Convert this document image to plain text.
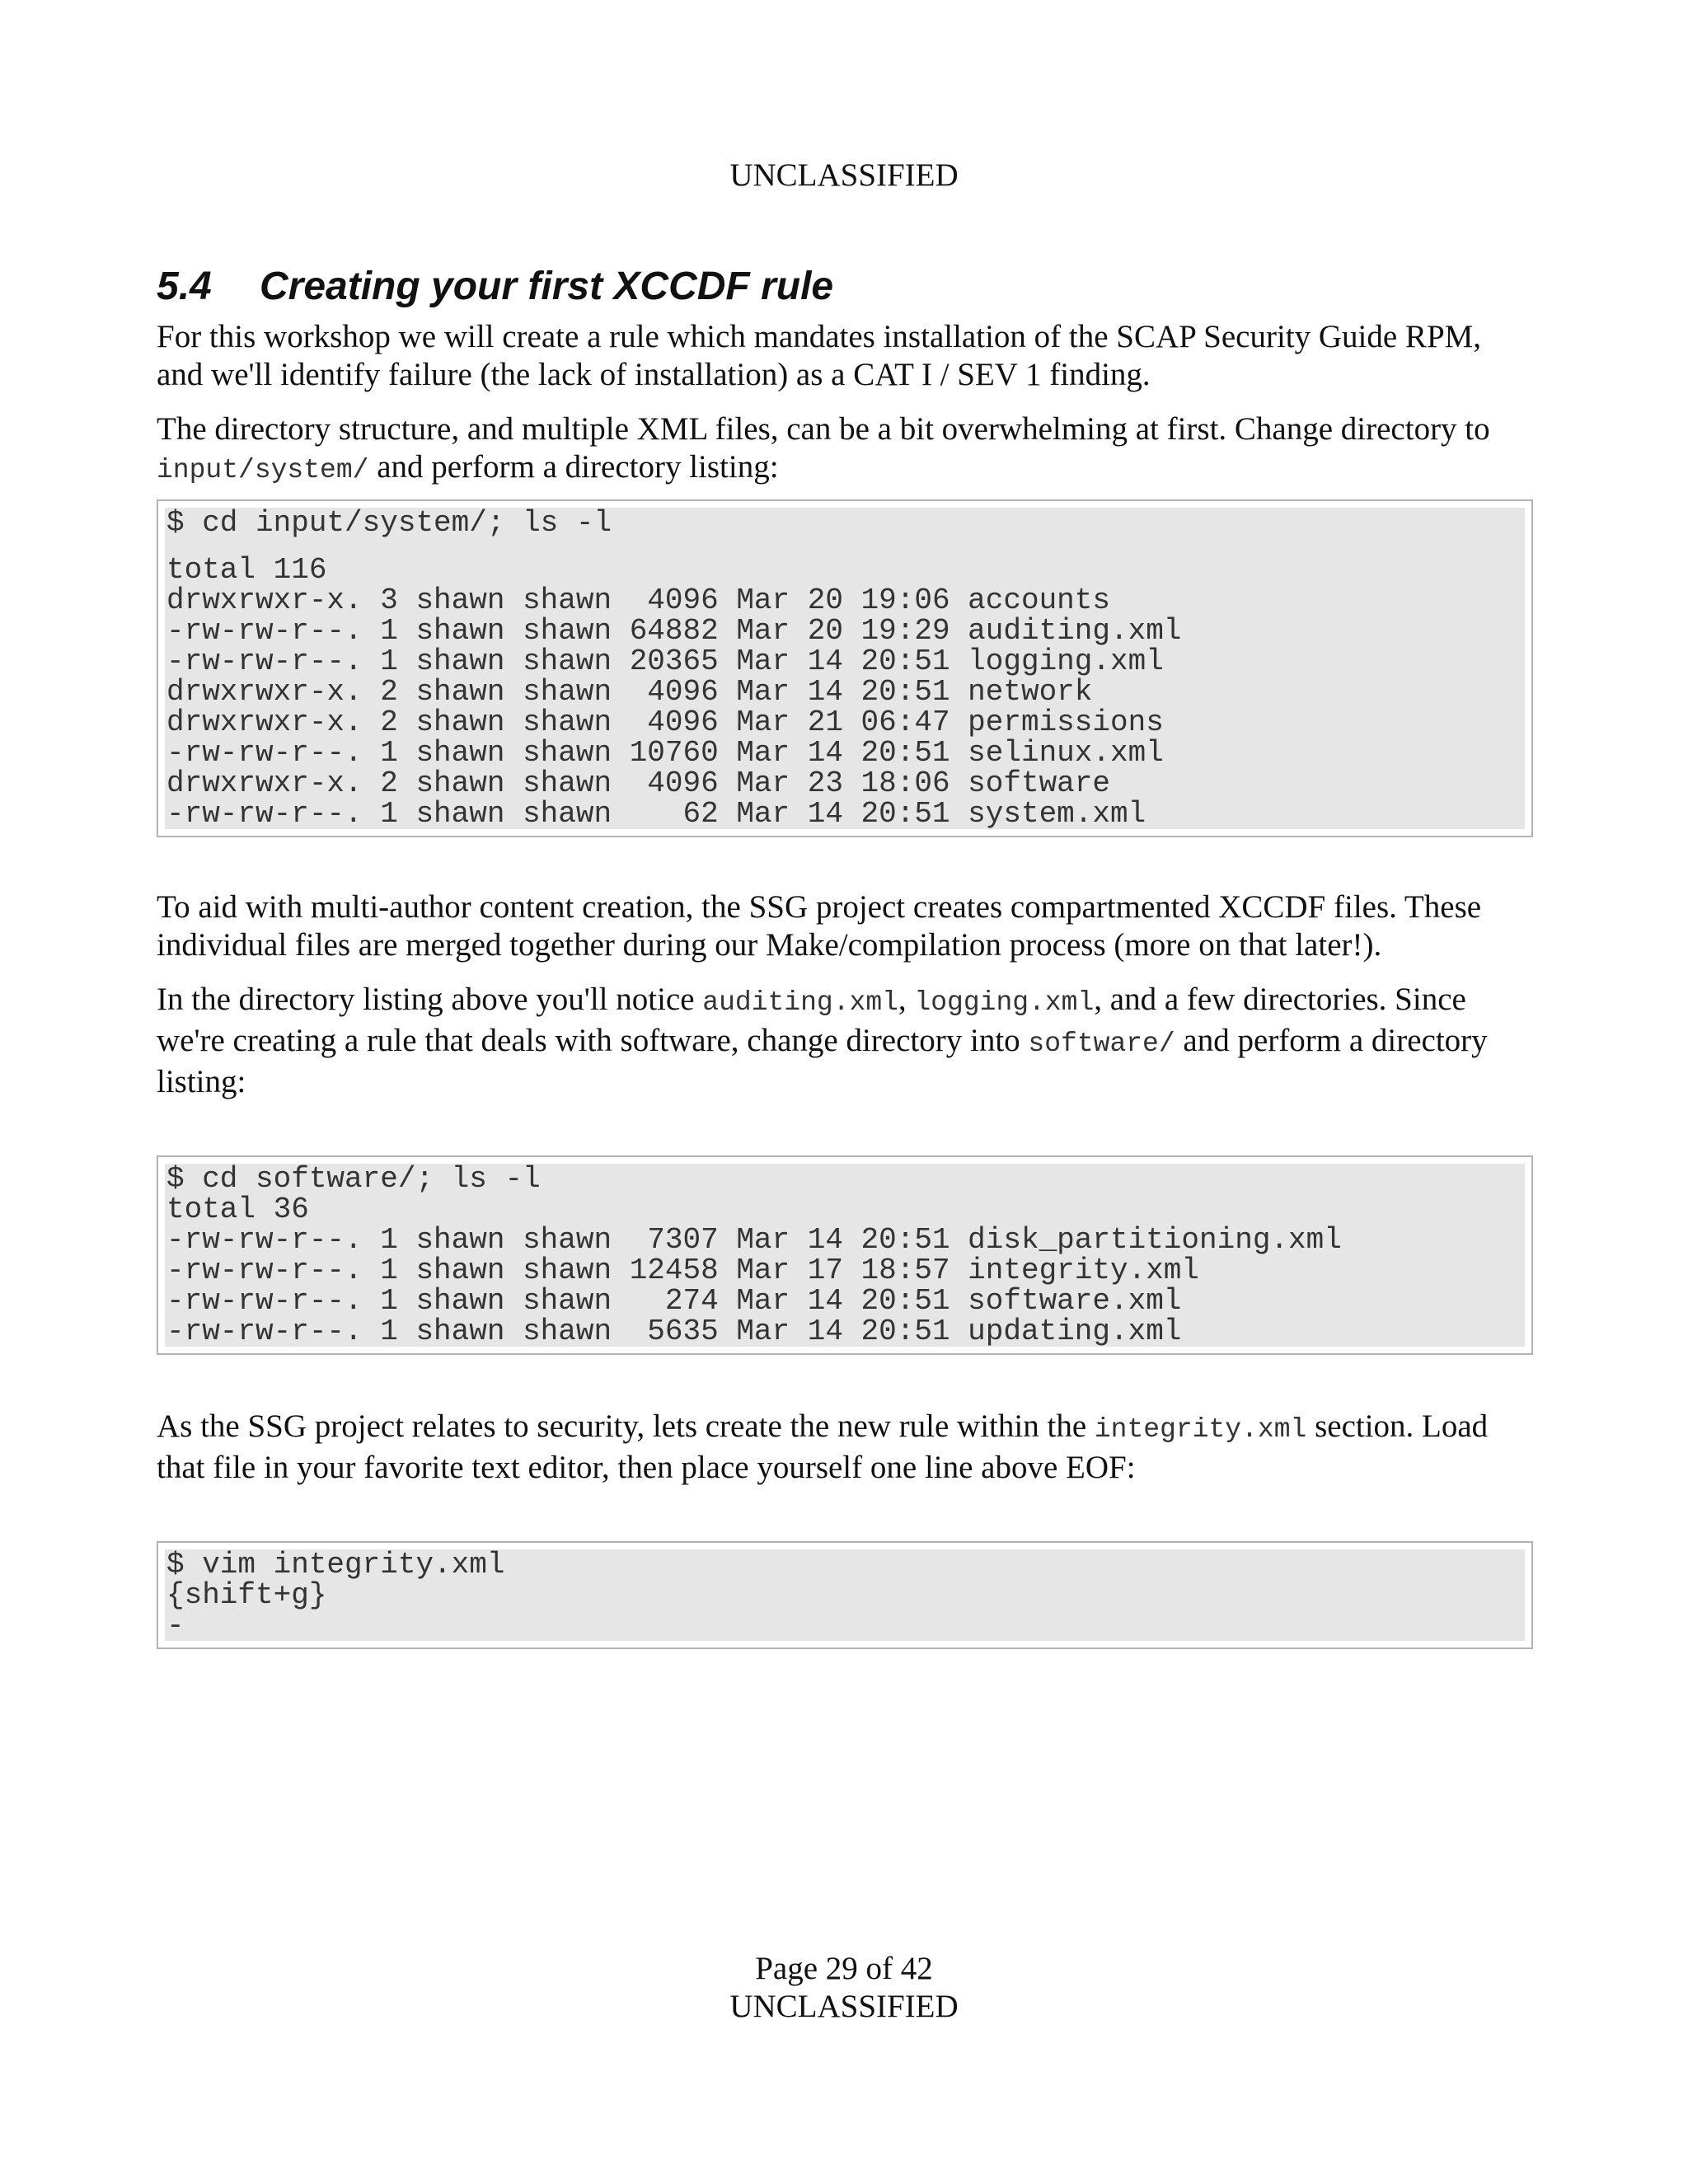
UNCLASSIFIED
5.4	Creating your first XCCDF rule

For this workshop we will create a rule which mandates installation of the SCAP Security Guide RPM, and we'll identify failure (the lack of installation) as a CAT I / SEV 1 finding.

The directory structure, and multiple XML files, can be a bit overwhelming at first. Change directory to input/system/ and perform a directory listing:

$ cd input/system/; ls -l
total 116
drwxrwxr-x. 3 shawn shawn  4096 Mar 20 19:06 accounts
-rw-rw-r--. 1 shawn shawn 64882 Mar 20 19:29 auditing.xml
-rw-rw-r--. 1 shawn shawn 20365 Mar 14 20:51 logging.xml
drwxrwxr-x. 2 shawn shawn  4096 Mar 14 20:51 network
drwxrwxr-x. 2 shawn shawn  4096 Mar 21 06:47 permissions
-rw-rw-r--. 1 shawn shawn 10760 Mar 14 20:51 selinux.xml
drwxrwxr-x. 2 shawn shawn  4096 Mar 23 18:06 software
-rw-rw-r--. 1 shawn shawn    62 Mar 14 20:51 system.xml

To aid with multi-author content creation, the SSG project creates compartmented XCCDF files. These individual files are merged together during our Make/compilation process (more on that later!).

In the directory listing above you'll notice auditing.xml, logging.xml, and a few directories. Since we're creating a rule that deals with software, change directory into software/ and perform a directory listing:

$ cd software/; ls -l
total 36
-rw-rw-r--. 1 shawn shawn  7307 Mar 14 20:51 disk_partitioning.xml
-rw-rw-r--. 1 shawn shawn 12458 Mar 17 18:57 integrity.xml
-rw-rw-r--. 1 shawn shawn   274 Mar 14 20:51 software.xml
-rw-rw-r--. 1 shawn shawn  5635 Mar 14 20:51 updating.xml

As the SSG project relates to security, lets create the new rule within the integrity.xml section. Load that file in your favorite text editor, then place yourself one line above EOF:

$ vim integrity.xml
{shift+g}
-
Page 29 of 42
UNCLASSIFIED
